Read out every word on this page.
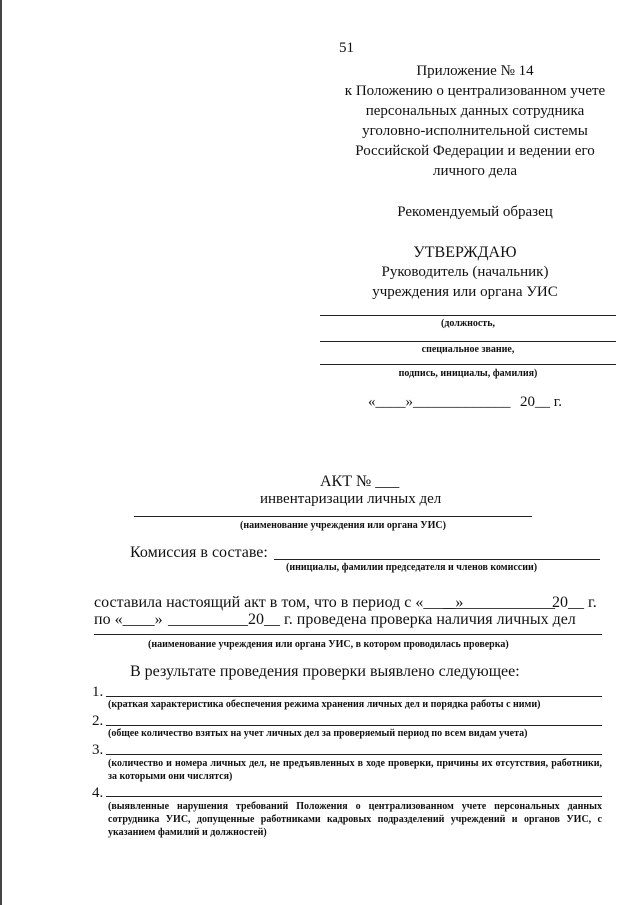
51
Приложение № 14
к Положению о централизованном учете
персональных данных сотрудника
уголовно-исполнительной системы
Российской Федерации и ведении его
личного дела
Рекомендуемый образец
УТВЕРЖДАЮ
Руководитель (начальник)
учреждения или органа УИС
(должность,
специальное звание,
подпись, инициалы, фамилия)
«____» _____________ 20__ г.
АКТ № ___
инвентаризации личных дел
(наименование учреждения или органа УИС)
Комиссия в составе:
(инициалы, фамилии председателя и членов комиссии)
составила настоящий акт в том, что в период с «____»
______________
20__ г.
по «____» __________ 20__ г. проведена проверка наличия личных дел
(наименование учреждения или органа УИС, в котором проводилась проверка)
В результате проведения проверки выявлено следующее:
1.
(краткая характеристика обеспечения режима хранения личных дел и порядка работы с ними)
2.
(общее количество взятых на учет личных дел за проверяемый период по всем видам учета)
3.
(количество и номера личных дел, не предъявленных в ходе проверки, причины их отсутствия, работники, за которыми они числятся)
4.
(выявленные нарушения требований Положения о централизованном учете персональных данных сотрудника УИС, допущенные работниками кадровых подразделений учреждений и органов УИС, с указанием фамилий и должностей)
